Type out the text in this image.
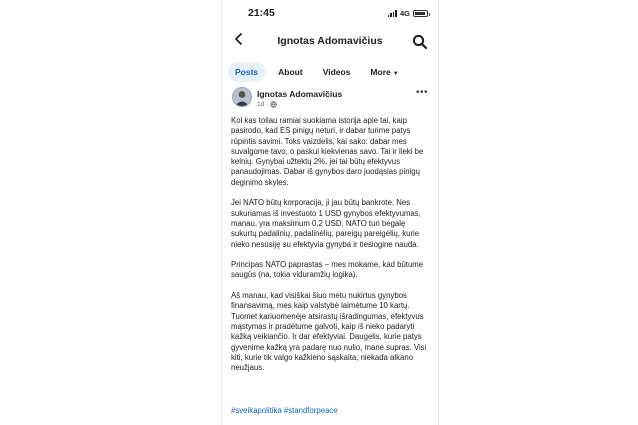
21:45	4G
Ignotas Adomavičius
Posts	About	Videos	More ▼
Ignotas Adomavičius
1d ·
•••

Kol kas toliau ramiai suokiama istorija apie tai, kaip pasirodo, kad ES pinigų neturi, ir dabar turime patys rūpintis savimi. Toks vaizdelis, kai sako: dabar mes suvalgome tavo, o paskui kiekvienas savo. Tai ir lieki be kelnių. Gynybai užtektų 2%, jei tai būtų efektyvus panaudojimas. Dabar iš gynybos daro juodąsias pinigų deginimo skyles.

Jei NATO būtų korporacija, ji jau būtų bankrote. Nes sukuriamas iš investuoto 1 USD gynybos efektyvumas, manau, yra maksimum 0,2 USD. NATO turi begalę sukurtų padalinių, padalinėlių, pareigų pareigėlių, kurie nieko nesusiję su efektyvia gynyba ir tiesiogine nauda.

Principas NATO paprastas – mes mokame, kad būtume saugūs (na, tokia viduramžių logika).

Aš manau, kad visiškai šiuo metu nukirtus gynybos finansavimą, mes kaip valstybė laimėtume 10 kartų. Tuomet kariuomenėje atsirastų išradingumas, efektyvus mąstymas ir pradėtume galvoti, kaip iš nieko padaryti kažką veikiančio. Ir dar efektyviai. Daugelis, kurie patys gyvenime kažką yra padarę nuo nulio, mane supras. Visi kiti, kurie tik valgo kažkieno sąskaita, niekada alkano neužjaus.

#sveikapolitika #standforpeace
